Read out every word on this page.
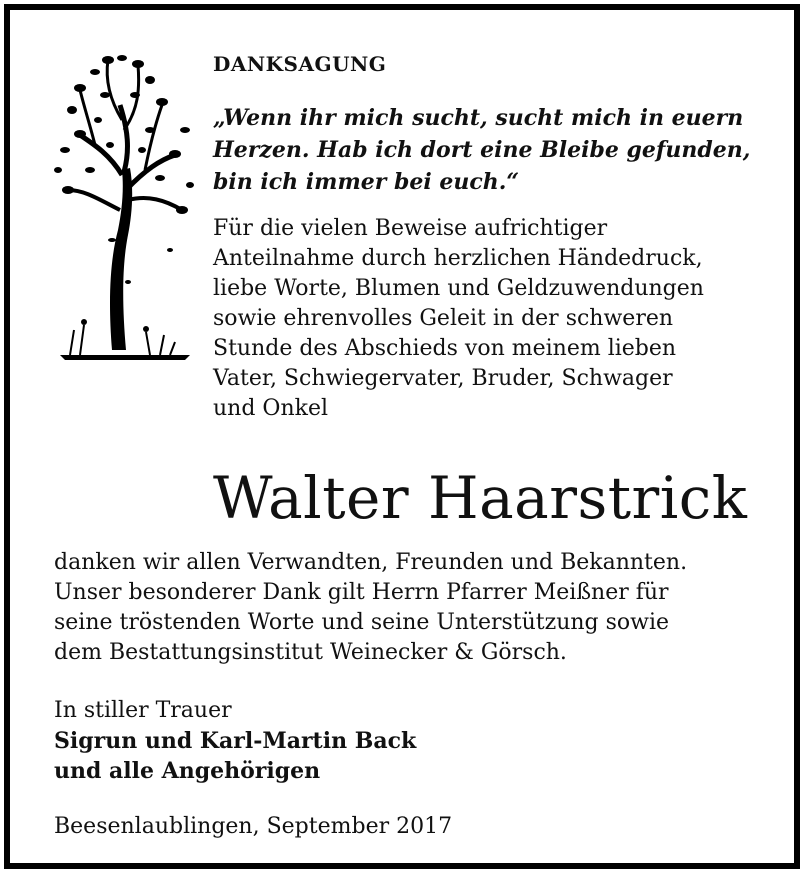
DANKSAGUNG
„Wenn ihr mich sucht, sucht mich in euern
Herzen. Hab ich dort eine Bleibe gefunden,
bin ich immer bei euch.“
Für die vielen Beweise aufrichtiger
Anteilnahme durch herzlichen Händedruck,
liebe Worte, Blumen und Geldzuwendungen
sowie ehrenvolles Geleit in der schweren
Stunde des Abschieds von meinem lieben
Vater, Schwiegervater, Bruder, Schwager
und Onkel
Walter Haarstrick
danken wir allen Verwandten, Freunden und Bekannten.
Unser besonderer Dank gilt Herrn Pfarrer Meißner für
seine tröstenden Worte und seine Unterstützung sowie
dem Bestattungsinstitut Weinecker & Görsch.
In stiller Trauer
Sigrun und Karl-Martin Back
und alle Angehörigen
Beesenlaublingen, September 2017
